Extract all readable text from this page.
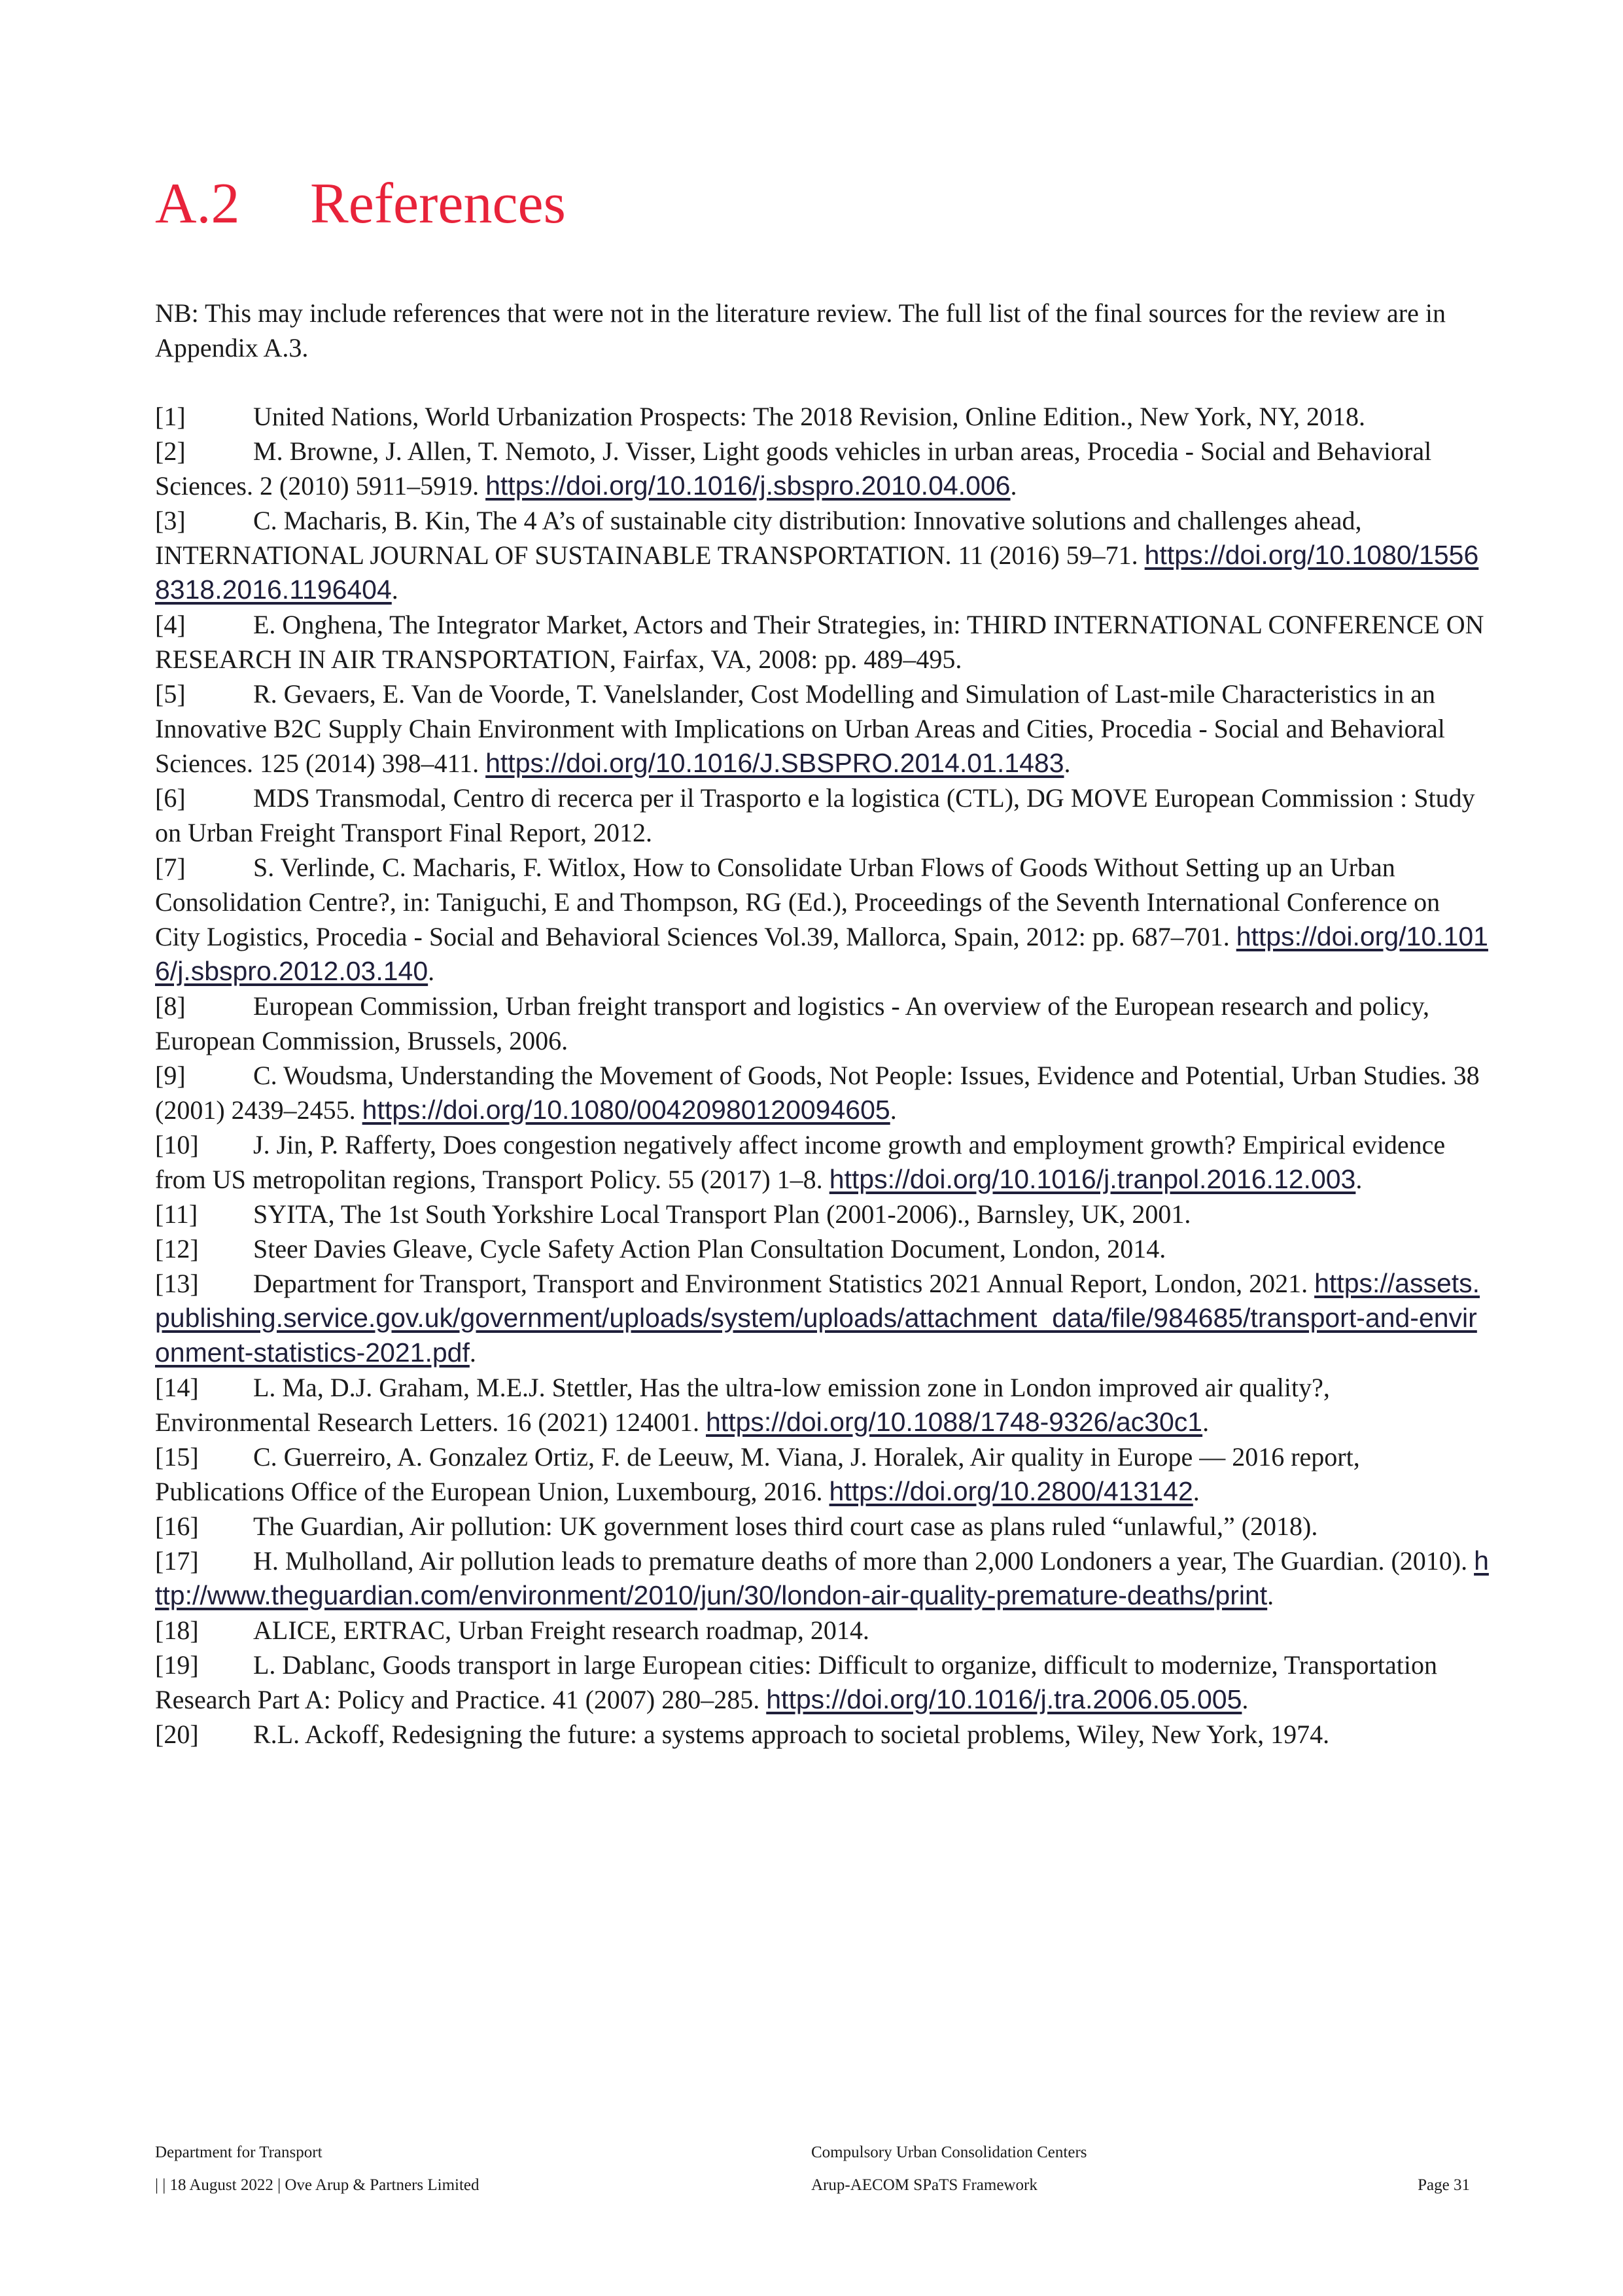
A.2 References

NB: This may include references that were not in the literature review. The full list of the final sources for the review are in Appendix A.3.

[1]	United Nations, World Urbanization Prospects: The 2018 Revision, Online Edition., New York, NY, 2018.
[2]	M. Browne, J. Allen, T. Nemoto, J. Visser, Light goods vehicles in urban areas, Procedia - Social and Behavioral Sciences. 2 (2010) 5911–5919. https://doi.org/10.1016/j.sbspro.2010.04.006.
[3]	C. Macharis, B. Kin, The 4 A’s of sustainable city distribution: Innovative solutions and challenges ahead, INTERNATIONAL JOURNAL OF SUSTAINABLE TRANSPORTATION. 11 (2016) 59–71. https://doi.org/10.1080/15568318.2016.1196404.
[4]	E. Onghena, The Integrator Market, Actors and Their Strategies, in: THIRD INTERNATIONAL CONFERENCE ON RESEARCH IN AIR TRANSPORTATION, Fairfax, VA, 2008: pp. 489–495.
[5]	R. Gevaers, E. Van de Voorde, T. Vanelslander, Cost Modelling and Simulation of Last-mile Characteristics in an Innovative B2C Supply Chain Environment with Implications on Urban Areas and Cities, Procedia - Social and Behavioral Sciences. 125 (2014) 398–411. https://doi.org/10.1016/J.SBSPRO.2014.01.1483.
[6]	MDS Transmodal, Centro di recerca per il Trasporto e la logistica (CTL), DG MOVE European Commission : Study on Urban Freight Transport Final Report, 2012.
[7]	S. Verlinde, C. Macharis, F. Witlox, How to Consolidate Urban Flows of Goods Without Setting up an Urban Consolidation Centre?, in: Taniguchi, E and Thompson, RG (Ed.), Proceedings of the Seventh International Conference on City Logistics, Procedia - Social and Behavioral Sciences Vol.39, Mallorca, Spain, 2012: pp. 687–701. https://doi.org/10.1016/j.sbspro.2012.03.140.
[8]	European Commission, Urban freight transport and logistics - An overview of the European research and policy, European Commission, Brussels, 2006.
[9]	C. Woudsma, Understanding the Movement of Goods, Not People: Issues, Evidence and Potential, Urban Studies. 38 (2001) 2439–2455. https://doi.org/10.1080/00420980120094605.
[10] J. Jin, P. Rafferty, Does congestion negatively affect income growth and employment growth? Empirical evidence from US metropolitan regions, Transport Policy. 55 (2017) 1–8. https://doi.org/10.1016/j.tranpol.2016.12.003.
[11] SYITA, The 1st South Yorkshire Local Transport Plan (2001-2006)., Barnsley, UK, 2001.
[12] Steer Davies Gleave, Cycle Safety Action Plan Consultation Document, London, 2014.
[13] Department for Transport, Transport and Environment Statistics 2021 Annual Report, London, 2021. https://assets.publishing.service.gov.uk/government/uploads/system/uploads/attachment_data/file/984685/transport-and-environment-statistics-2021.pdf.
[14] L. Ma, D.J. Graham, M.E.J. Stettler, Has the ultra-low emission zone in London improved air quality?, Environmental Research Letters. 16 (2021) 124001. https://doi.org/10.1088/1748-9326/ac30c1.
[15] C. Guerreiro, A. Gonzalez Ortiz, F. de Leeuw, M. Viana, J. Horalek, Air quality in Europe — 2016 report, Publications Office of the European Union, Luxembourg, 2016. https://doi.org/10.2800/413142.
[16] The Guardian, Air pollution: UK government loses third court case as plans ruled “unlawful,” (2018).
[17] H. Mulholland, Air pollution leads to premature deaths of more than 2,000 Londoners a year, The Guardian. (2010). http://www.theguardian.com/environment/2010/jun/30/london-air-quality-premature-deaths/print.
[18] ALICE, ERTRAC, Urban Freight research roadmap, 2014.
[19] L. Dablanc, Goods transport in large European cities: Difficult to organize, difficult to modernize, Transportation Research Part A: Policy and Practice. 41 (2007) 280–285. https://doi.org/10.1016/j.tra.2006.05.005.
[20] R.L. Ackoff, Redesigning the future: a systems approach to societal problems, Wiley, New York, 1974.
Department for Transport
| | 18 August 2022 | Ove Arup & Partners Limited
Compulsory Urban Consolidation Centers
Arup-AECOM SPaTS Framework	Page 31
